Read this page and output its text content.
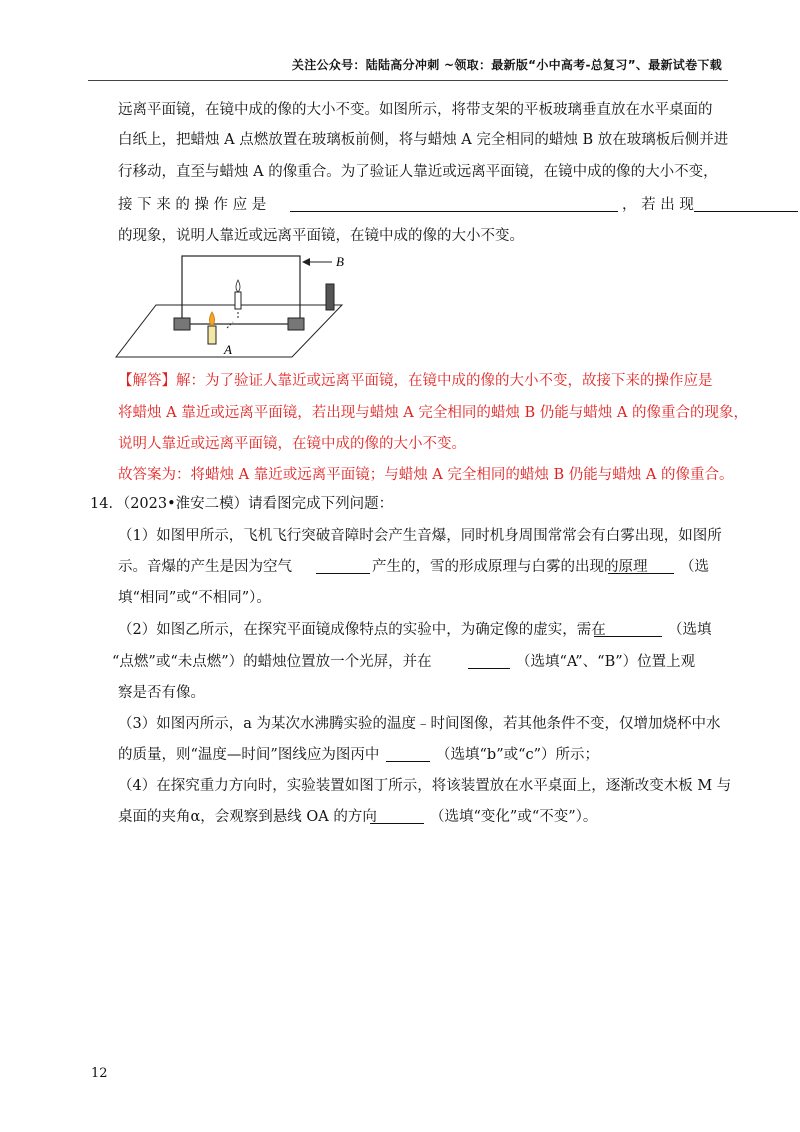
关注公众号：陆陆高分冲刺 ~领取：最新版“小中高考-总复习”、最新试卷下载
远离平面镜，在镜中成的像的大小不变。如图所示，将带支架的平板玻璃垂直放在水平桌面的
白纸上，把蜡烛 A 点燃放置在玻璃板前侧，将与蜡烛 A 完全相同的蜡烛 B 放在玻璃板后侧并进
行移动，直至与蜡烛 A 的像重合。为了验证人靠近或远离平面镜，在镜中成的像的大小不变，
接 下 来 的 操 作 应 是	， 若 出 现
的现象，说明人靠近或远离平面镜，在镜中成的像的大小不变。
B
A
【解答】解：为了验证人靠近或远离平面镜，在镜中成的像的大小不变，故接下来的操作应是
将蜡烛 A 靠近或远离平面镜，若出现与蜡烛 A 完全相同的蜡烛 B 仍能与蜡烛 A 的像重合的现象，
说明人靠近或远离平面镜，在镜中成的像的大小不变。
故答案为：将蜡烛 A 靠近或远离平面镜；与蜡烛 A 完全相同的蜡烛 B 仍能与蜡烛 A 的像重合。
14．（2023•淮安二模）请看图完成下列问题：
（1）如图甲所示，飞机飞行突破音障时会产生音爆，同时机身周围常常会有白雾出现，如图所
示。音爆的产生是因为空气	产生的，雪的形成原理与白雾的出现的原理 （选
填“相同”或“不相同”）。
（2）如图乙所示，在探究平面镜成像特点的实验中，为确定像的虚实，需在	（选填
“点燃”或“未点燃”）的蜡烛位置放一个光屏，并在	（选填“A”、“B”）位置上观
察是否有像。
（3）如图丙所示，a 为某次水沸腾实验的温度﹣时间图像，若其他条件不变，仅增加烧杯中水
的质量，则“温度—时间”图线应为图丙中	（选填“b”或“c”）所示；
（4）在探究重力方向时，实验装置如图丁所示，将该装置放在水平桌面上，逐渐改变木板 M 与
桌面的夹角α，会观察到悬线 OA 的方向	（选填“变化”或“不变”）。
12
